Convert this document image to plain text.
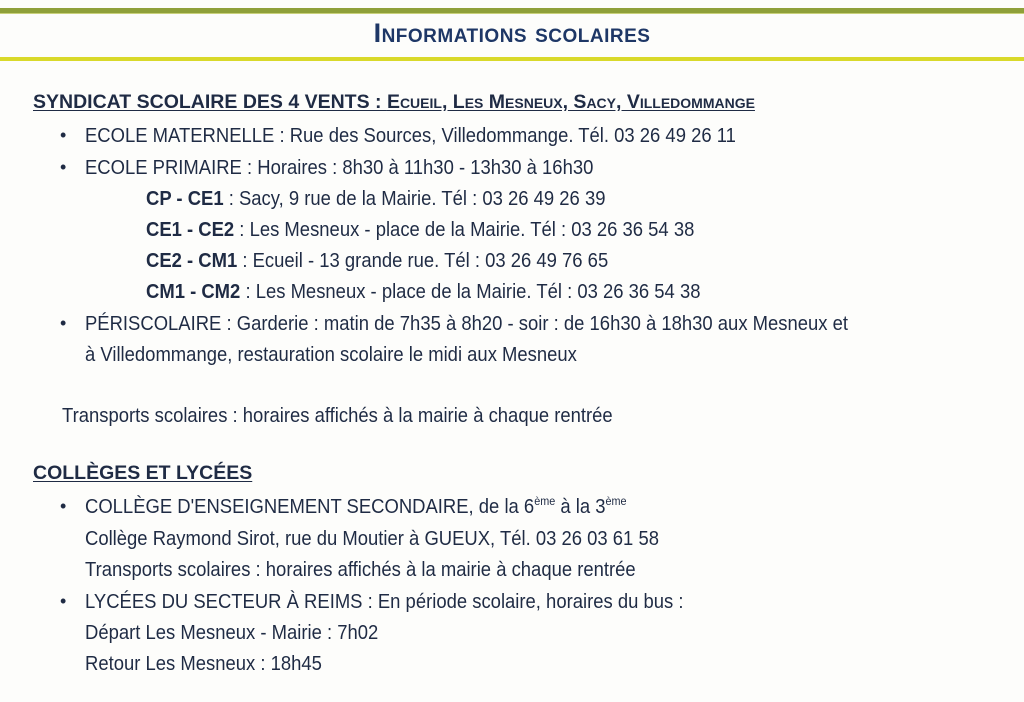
Informations scolaires
SYNDICAT SCOLAIRE DES 4 VENTS : Ecueil, Les Mesneux, Sacy, Villedommange
• ECOLE MATERNELLE : Rue des Sources, Villedommange. Tél. 03 26 49 26 11
• ECOLE PRIMAIRE : Horaires : 8h30 à 11h30 - 13h30 à 16h30
CP - CE1 : Sacy, 9 rue de la Mairie. Tél : 03 26 49 26 39
CE1 - CE2 : Les Mesneux - place de la Mairie. Tél : 03 26 36 54 38
CE2 - CM1 : Ecueil - 13 grande rue. Tél : 03 26 49 76 65
CM1 - CM2 : Les Mesneux - place de la Mairie. Tél : 03 26 36 54 38
• PÉRISCOLAIRE : Garderie : matin de 7h35 à 8h20 - soir : de 16h30 à 18h30 aux Mesneux et
à Villedommange, restauration scolaire le midi aux Mesneux
Transports scolaires : horaires affichés à la mairie à chaque rentrée
COLLÈGES ET LYCÉES
• COLLÈGE D'ENSEIGNEMENT SECONDAIRE, de la 6ème à la 3ème
Collège Raymond Sirot, rue du Moutier à GUEUX, Tél. 03 26 03 61 58
Transports scolaires : horaires affichés à la mairie à chaque rentrée
• LYCÉES DU SECTEUR À REIMS : En période scolaire, horaires du bus :
Départ Les Mesneux - Mairie : 7h02
Retour Les Mesneux : 18h45
